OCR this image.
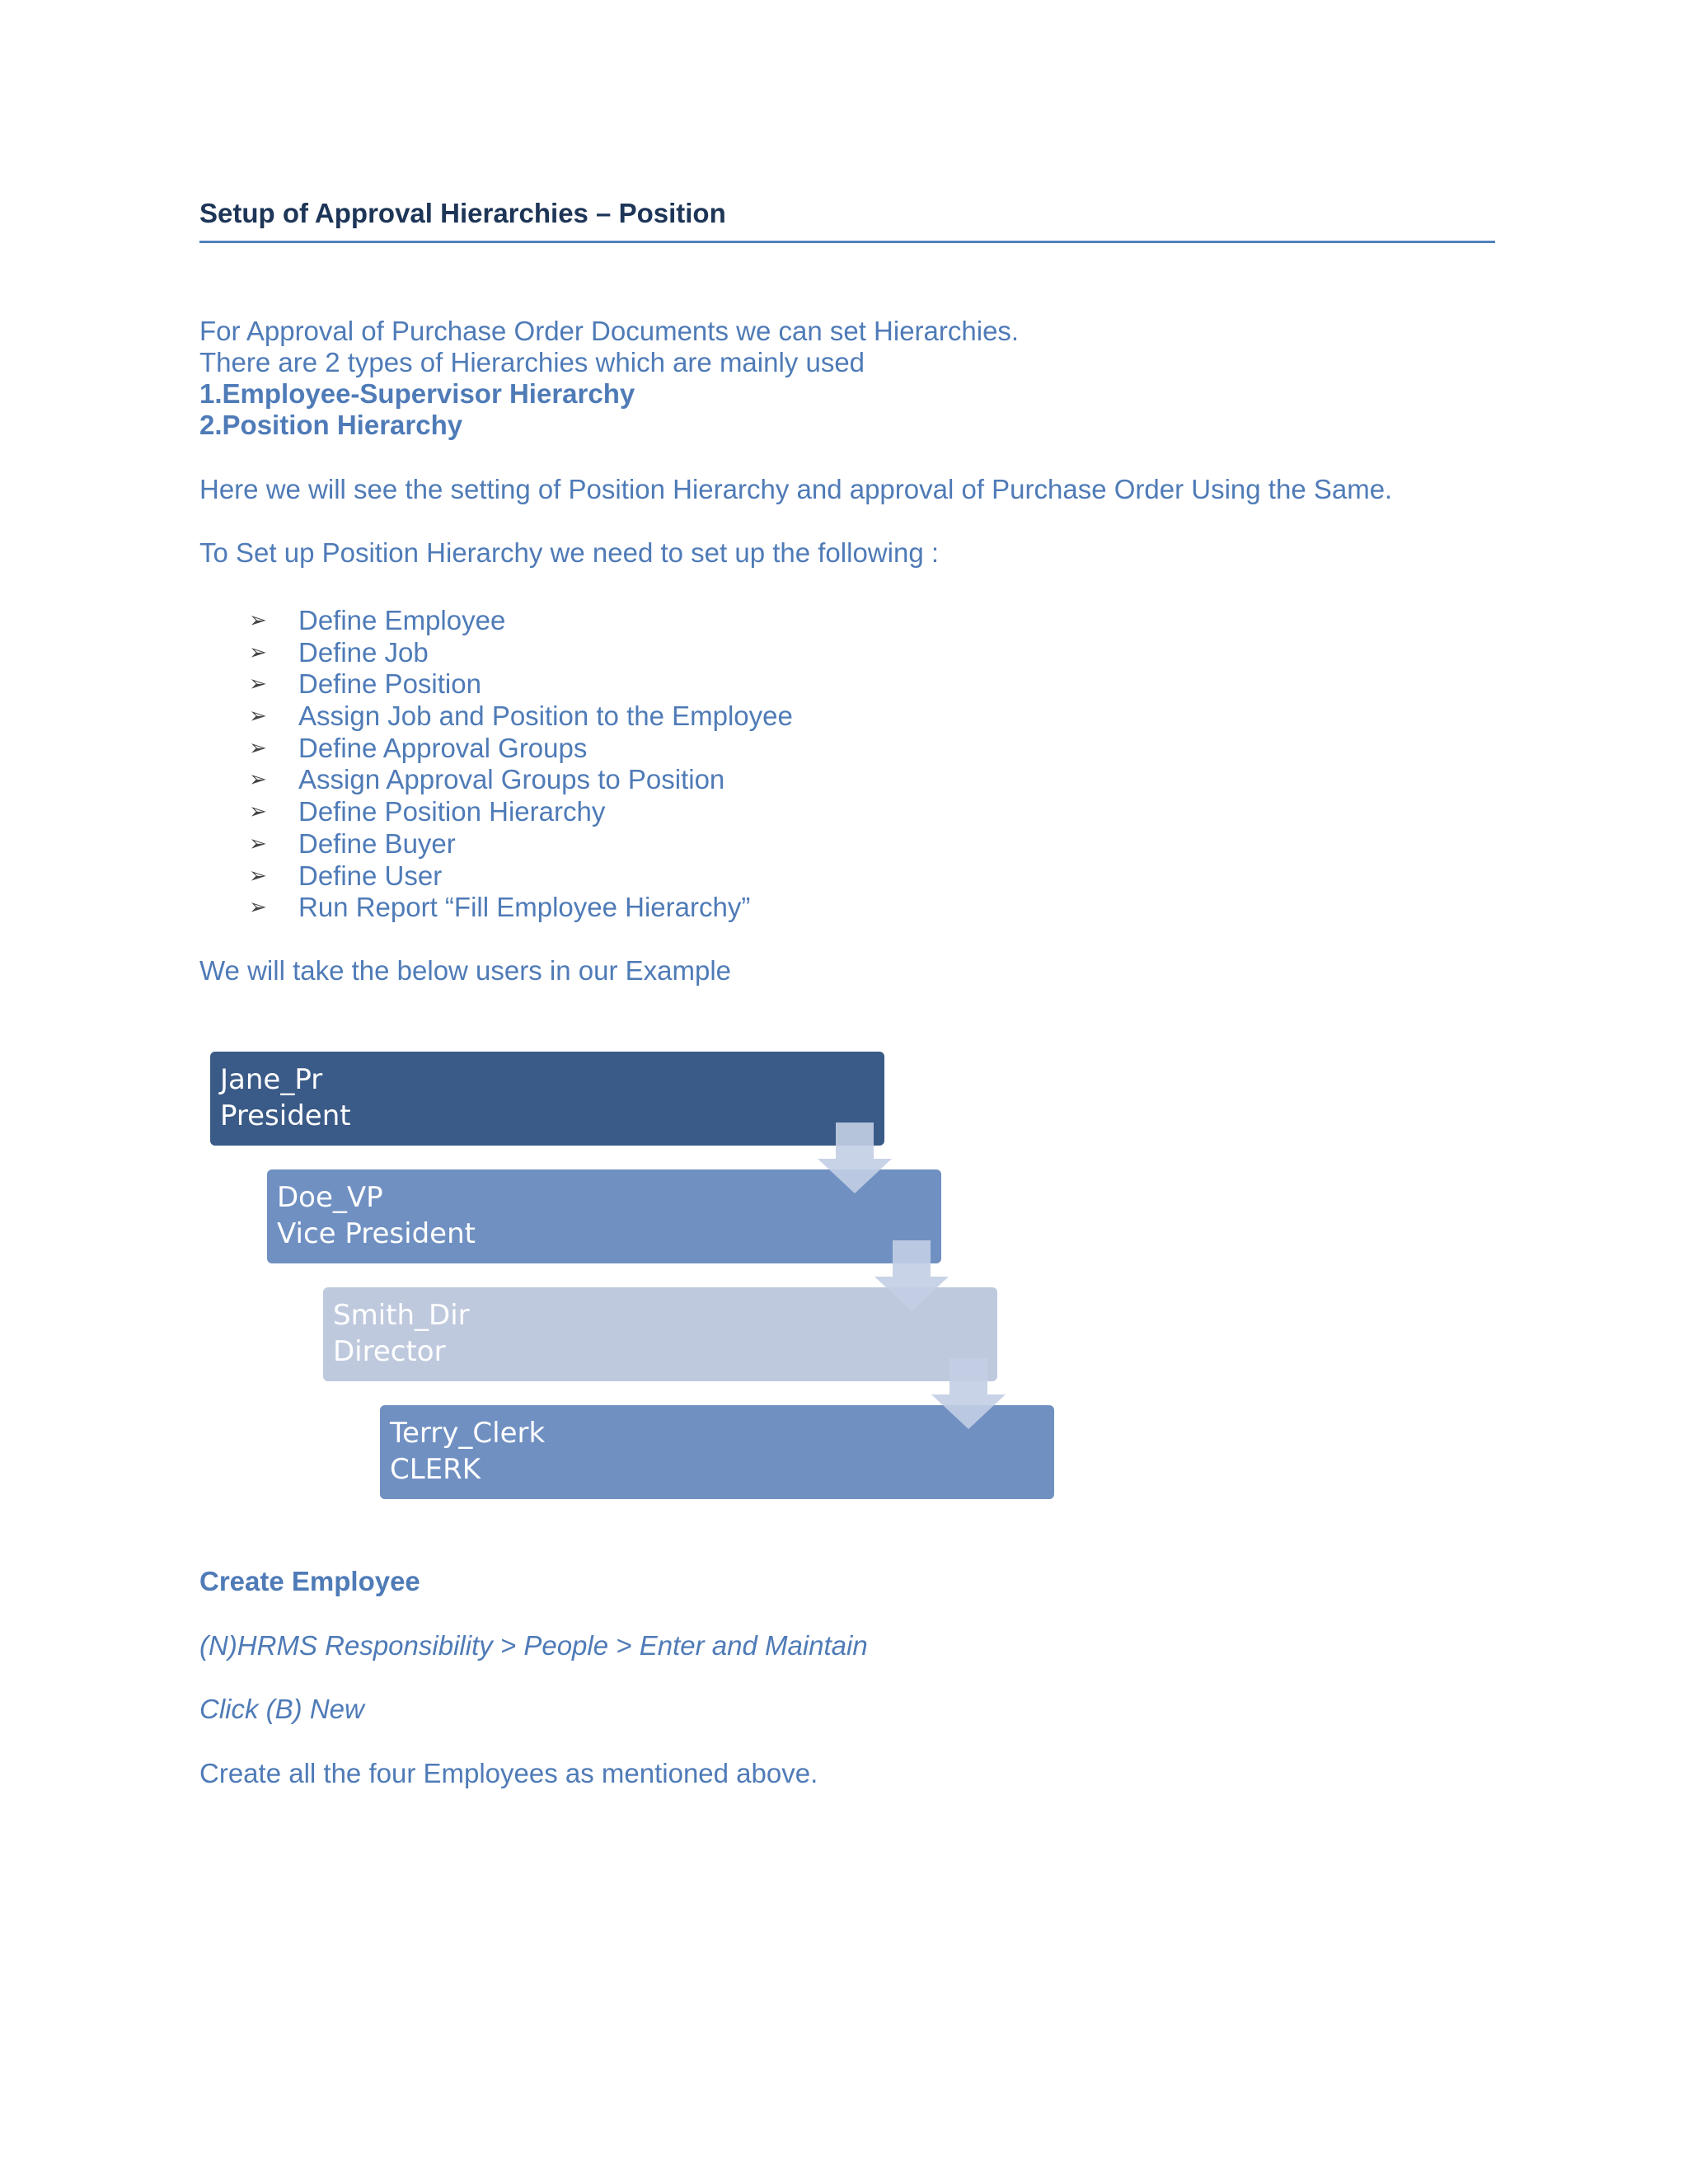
Setup of Approval Hierarchies – Position
For Approval of Purchase Order Documents we can set Hierarchies.
There are 2 types of Hierarchies which are mainly used
1.Employee-Supervisor Hierarchy
2.Position Hierarchy
Here we will see the setting of Position Hierarchy and approval of Purchase Order Using the Same.
To Set up Position Hierarchy we need to set up the following :
➢ Define Employee
➢ Define Job
➢ Define Position
➢ Assign Job and Position to the Employee
➢ Define Approval Groups
➢ Assign Approval Groups to Position
➢ Define Position Hierarchy
➢ Define Buyer
➢ Define User
➢ Run Report “Fill Employee Hierarchy”
We will take the below users in our Example
Jane_Pr
President
Doe_VP
Vice President
Smith_Dir
Director
Terry_Clerk
CLERK
Create Employee
(N)HRMS Responsibility > People > Enter and Maintain
Click (B) New
Create all the four Employees as mentioned above.
